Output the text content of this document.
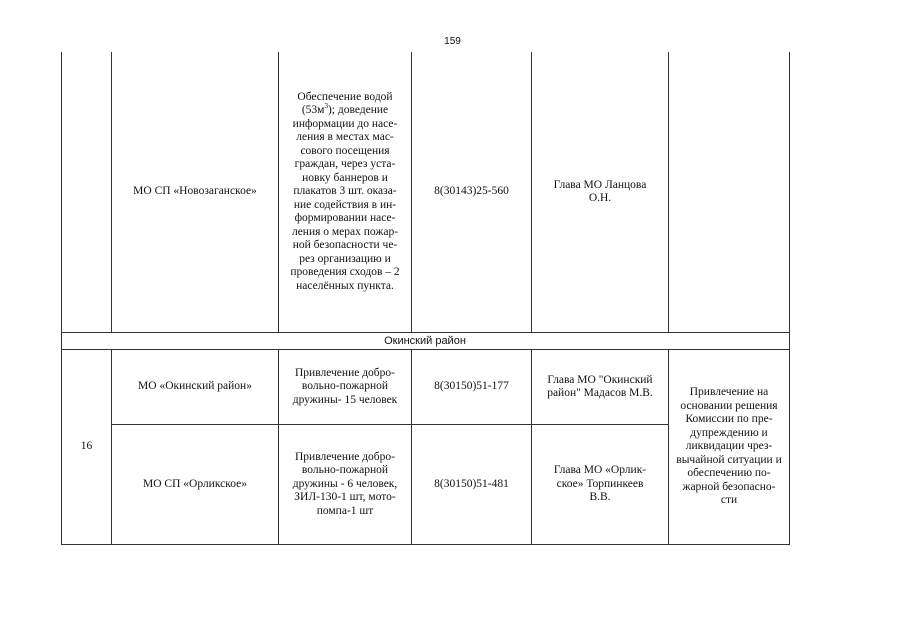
159
МО СП «Новозаганское»
Обеспечение водой $(53м^3)$; доведение информации до насе-ления в местах мас-сового посещения граждан, через уста-новку баннеров и плакатов 3 шт. оказа-ние содействия в ин-формировании насе-ления о мерах пожар-ной безопасности че-рез организацию и проведения сходов – 2 населённых пункта.
8(30143)25-560
Глава МО Ланцова О.Н.
Окинский район
16
Привлечение на основании решения Комиссии по пре-дупреждению и ликвидации чрез-вычайной ситуации и обеспечению по-жарной безопасно-сти
МО «Окинский район»
Привлечение добро-вольно-пожарной дружины- 15 человек
8(30150)51-177
Глава МО "Окинский район" Мадасов М.В.
МО СП «Орликское»
Привлечение добро-вольно-пожарной дружины - 6 человек, ЗИЛ-130-1 шт, мото-помпа-1 шт
8(30150)51-481
Глава МО «Орлик-ское» Торпинкеев В.В.
